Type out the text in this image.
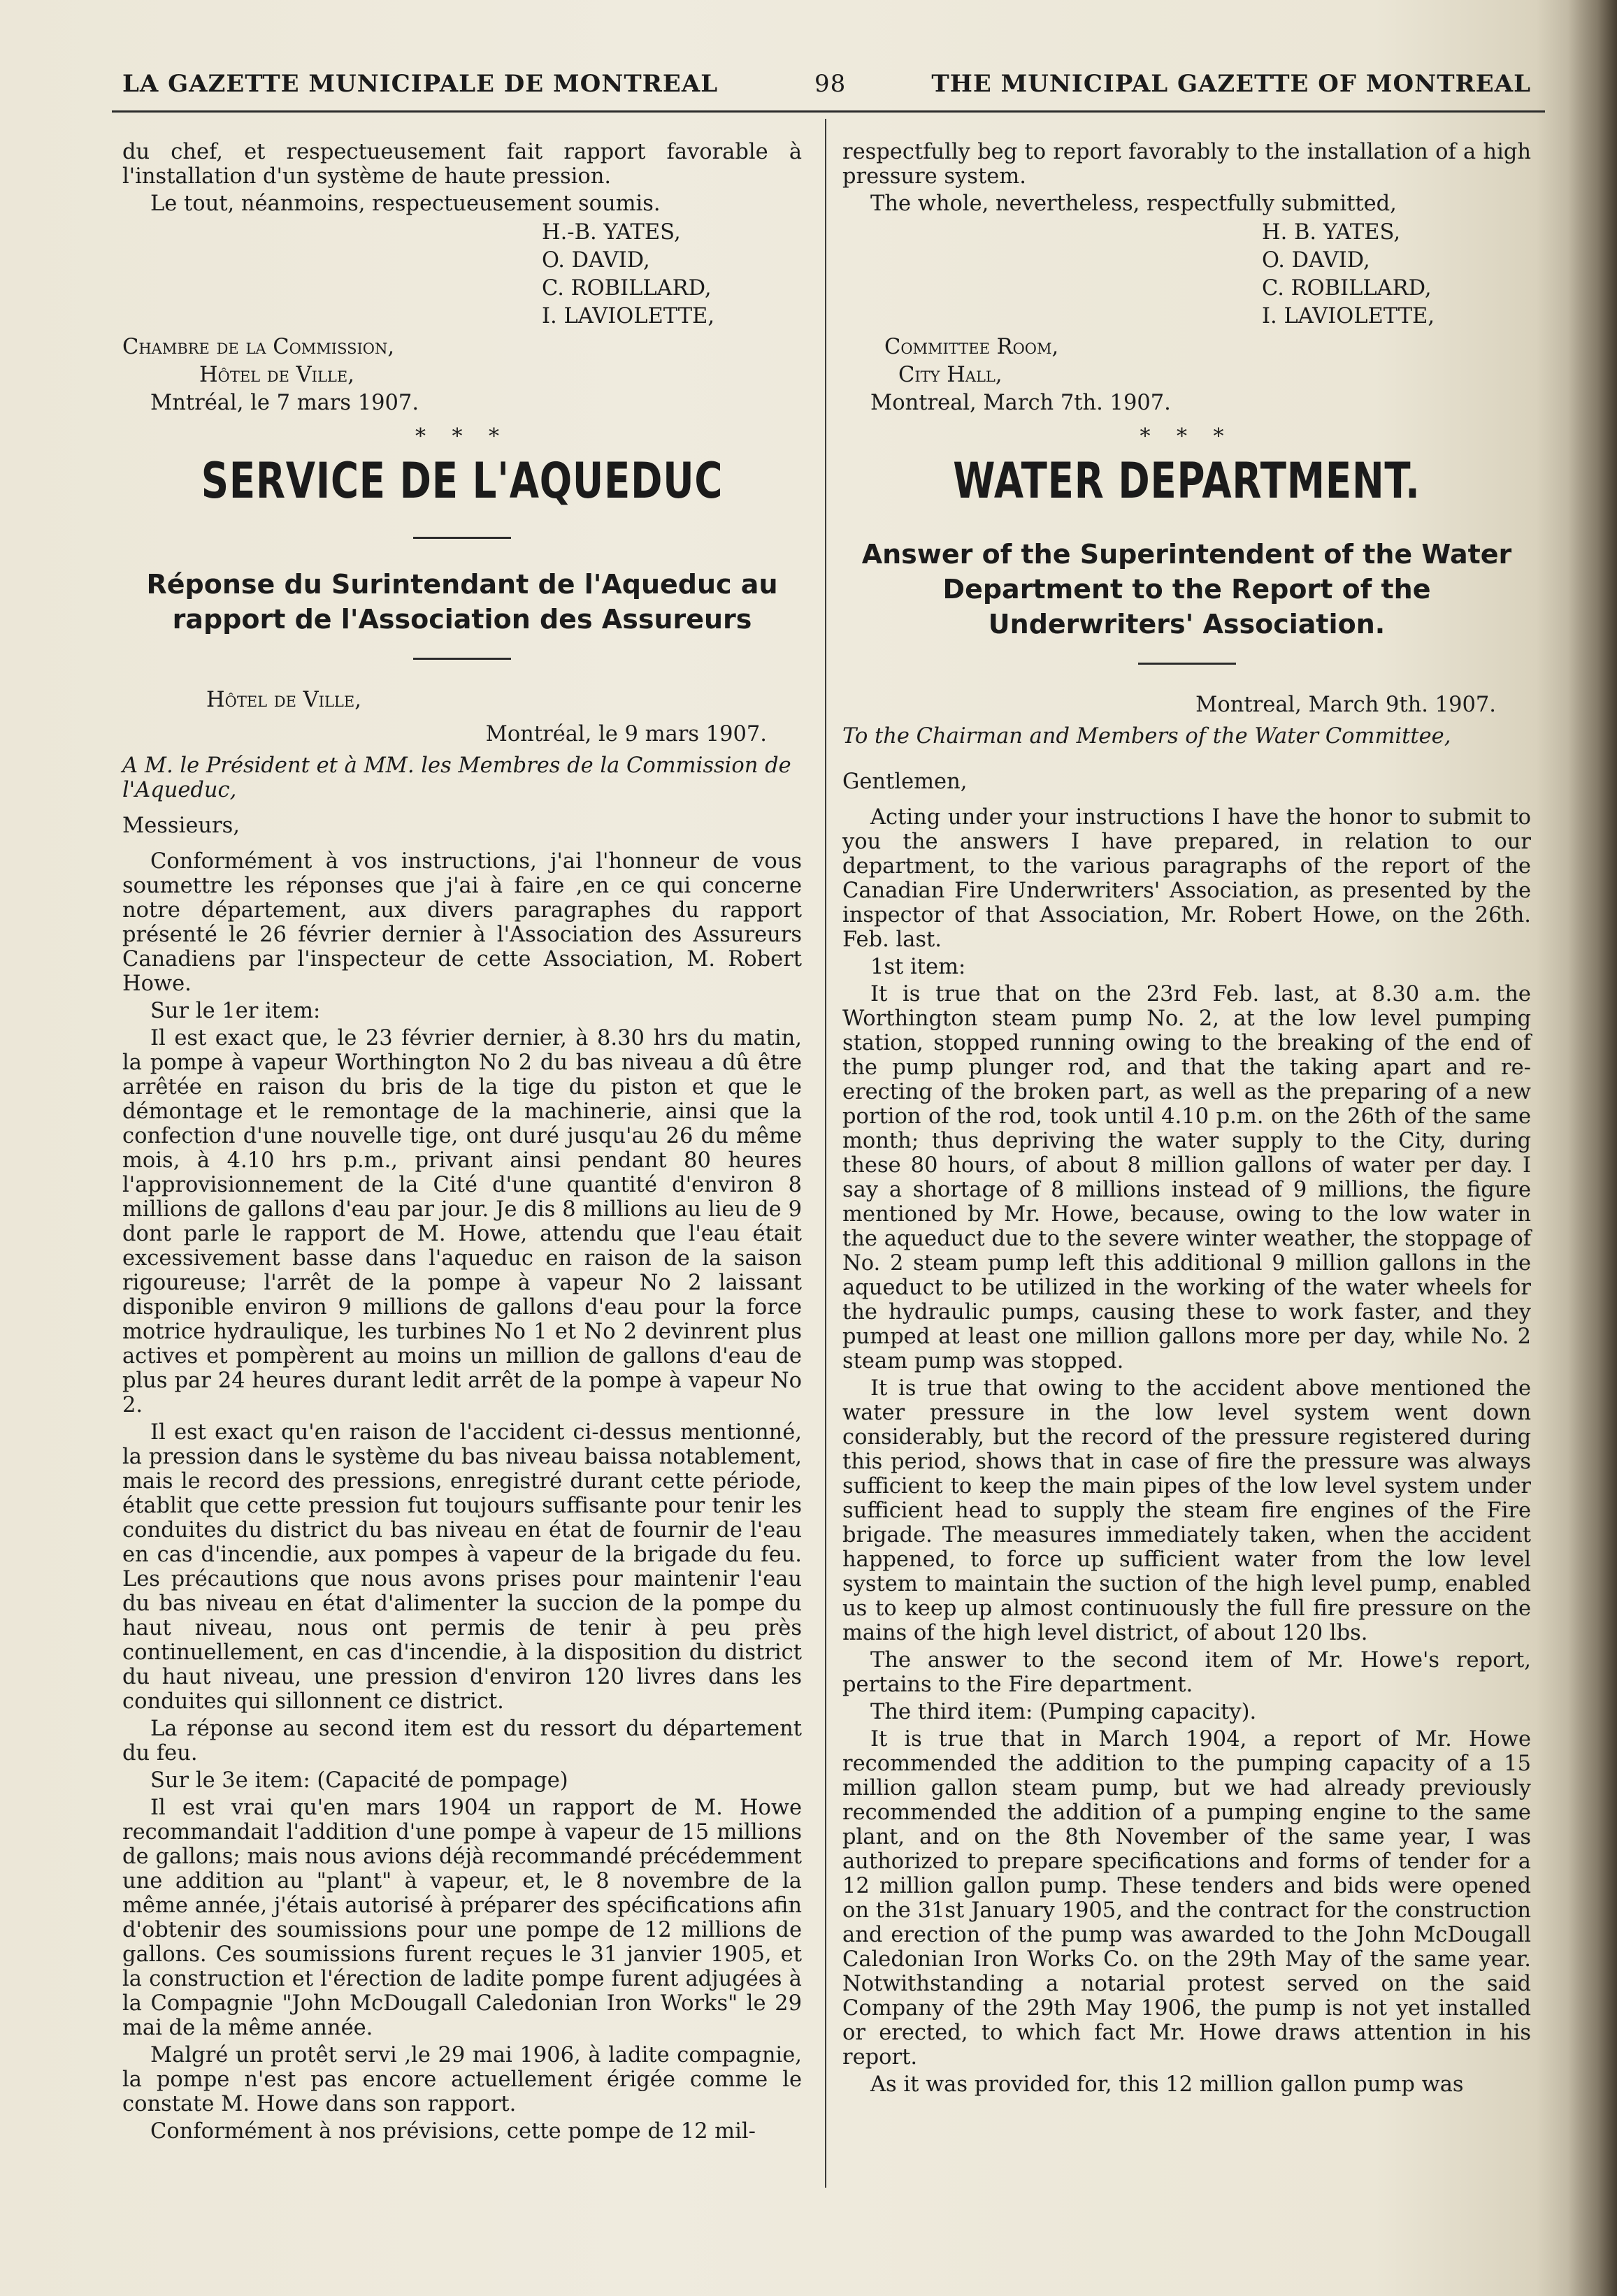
LA GAZETTE MUNICIPALE DE MONTREAL	98	THE MUNICIPAL GAZETTE OF MONTREAL

du chef, et respectueusement fait rapport favorable à l'installation d'un système de haute pression.

Le tout, néanmoins, respectueusement soumis.

H.-B. YATES,
O. DAVID,
C. ROBILLARD,
I. LAVIOLETTE,
Chambre de la Commission,
Hôtel de Ville,
Mntréal, le 7 mars 1907.
* * *
SERVICE DE L'AQUEDUC
Réponse du Surintendant de l'Aqueduc au rapport de l'Association des Assureurs
Hôtel de Ville,
Montréal, le 9 mars 1907.
A M. le Président et à MM. les Membres de la Commission de l'Aqueduc,
Messieurs,

Conformément à vos instructions, j'ai l'honneur de vous soumettre les réponses que j'ai à faire ,en ce qui concerne notre département, aux divers paragraphes du rapport présenté le 26 février dernier à l'Association des Assureurs Canadiens par l'inspecteur de cette Association, M. Robert Howe.

Sur le 1er item:

Il est exact que, le 23 février dernier, à 8.30 hrs du matin, la pompe à vapeur Worthington No 2 du bas niveau a dû être arrêtée en raison du bris de la tige du piston et que le démontage et le remontage de la machinerie, ainsi que la confection d'une nouvelle tige, ont duré jusqu'au 26 du même mois, à 4.10 hrs p.m., privant ainsi pendant 80 heures l'approvisionnement de la Cité d'une quantité d'environ 8 millions de gallons d'eau par jour. Je dis 8 millions au lieu de 9 dont parle le rapport de M. Howe, attendu que l'eau était excessivement basse dans l'aqueduc en raison de la saison rigoureuse; l'arrêt de la pompe à vapeur No 2 laissant disponible environ 9 millions de gallons d'eau pour la force motrice hydraulique, les turbines No 1 et No 2 devinrent plus actives et pompèrent au moins un million de gallons d'eau de plus par 24 heures durant ledit arrêt de la pompe à vapeur No 2.

Il est exact qu'en raison de l'accident ci-dessus mentionné, la pression dans le système du bas niveau baissa notablement, mais le record des pressions, enregistré durant cette période, établit que cette pression fut toujours suffisante pour tenir les conduites du district du bas niveau en état de fournir de l'eau en cas d'incendie, aux pompes à vapeur de la brigade du feu. Les précautions que nous avons prises pour maintenir l'eau du bas niveau en état d'alimenter la succion de la pompe du haut niveau, nous ont permis de tenir à peu près continuellement, en cas d'incendie, à la disposition du district du haut niveau, une pression d'environ 120 livres dans les conduites qui sillonnent ce district.

La réponse au second item est du ressort du département du feu.

Sur le 3e item: (Capacité de pompage)

Il est vrai qu'en mars 1904 un rapport de M. Howe recommandait l'addition d'une pompe à vapeur de 15 millions de gallons; mais nous avions déjà recommandé précédemment une addition au "plant" à vapeur, et, le 8 novembre de la même année, j'étais autorisé à préparer des spécifications afin d'obtenir des soumissions pour une pompe de 12 millions de gallons. Ces soumissions furent reçues le 31 janvier 1905, et la construction et l'érection de ladite pompe furent adjugées à la Compagnie "John McDougall Caledonian Iron Works" le 29 mai de la même année.

Malgré un protêt servi ,le 29 mai 1906, à ladite compagnie, la pompe n'est pas encore actuellement érigée comme le constate M. Howe dans son rapport.

Conformément à nos prévisions, cette pompe de 12 mil-

respectfully beg to report favorably to the installation of a high pressure system.

The whole, nevertheless, respectfully submitted,

H. B. YATES,
O. DAVID,
C. ROBILLARD,
I. LAVIOLETTE,
Committee Room,
City Hall,
Montreal, March 7th. 1907.
* * *
WATER DEPARTMENT.
Answer of the Superintendent of the Water Department to the Report of the Underwriters' Association.
Montreal, March 9th. 1907.
To the Chairman and Members of the Water Committee,
Gentlemen,

Acting under your instructions I have the honor to submit to you the answers I have prepared, in relation to our department, to the various paragraphs of the report of the Canadian Fire Underwriters' Association, as presented by the inspector of that Association, Mr. Robert Howe, on the 26th. Feb. last.

1st item:

It is true that on the 23rd Feb. last, at 8.30 a.m. the Worthington steam pump No. 2, at the low level pumping station, stopped running owing to the breaking of the end of the pump plunger rod, and that the taking apart and re-erecting of the broken part, as well as the preparing of a new portion of the rod, took until 4.10 p.m. on the 26th of the same month; thus depriving the water supply to the City, during these 80 hours, of about 8 million gallons of water per day. I say a shortage of 8 millions instead of 9 millions, the figure mentioned by Mr. Howe, because, owing to the low water in the aqueduct due to the severe winter weather, the stoppage of No. 2 steam pump left this additional 9 million gallons in the aqueduct to be utilized in the working of the water wheels for the hydraulic pumps, causing these to work faster, and they pumped at least one million gallons more per day, while No. 2 steam pump was stopped.

It is true that owing to the accident above mentioned the water pressure in the low level system went down considerably, but the record of the pressure registered during this period, shows that in case of fire the pressure was always sufficient to keep the main pipes of the low level system under sufficient head to supply the steam fire engines of the Fire brigade. The measures immediately taken, when the accident happened, to force up sufficient water from the low level system to maintain the suction of the high level pump, enabled us to keep up almost continuously the full fire pressure on the mains of the high level district, of about 120 lbs.

The answer to the second item of Mr. Howe's report, pertains to the Fire department.

The third item: (Pumping capacity).

It is true that in March 1904, a report of Mr. Howe recommended the addition to the pumping capacity of a 15 million gallon steam pump, but we had already previously recommended the addition of a pumping engine to the same plant, and on the 8th November of the same year, I was authorized to prepare specifications and forms of tender for a 12 million gallon pump. These tenders and bids were opened on the 31st January 1905, and the contract for the construction and erection of the pump was awarded to the John McDougall Caledonian Iron Works Co. on the 29th May of the same year. Notwithstanding a notarial protest served on the said Company of the 29th May 1906, the pump is not yet installed or erected, to which fact Mr. Howe draws attention in his report.

As it was provided for, this 12 million gallon pump was
